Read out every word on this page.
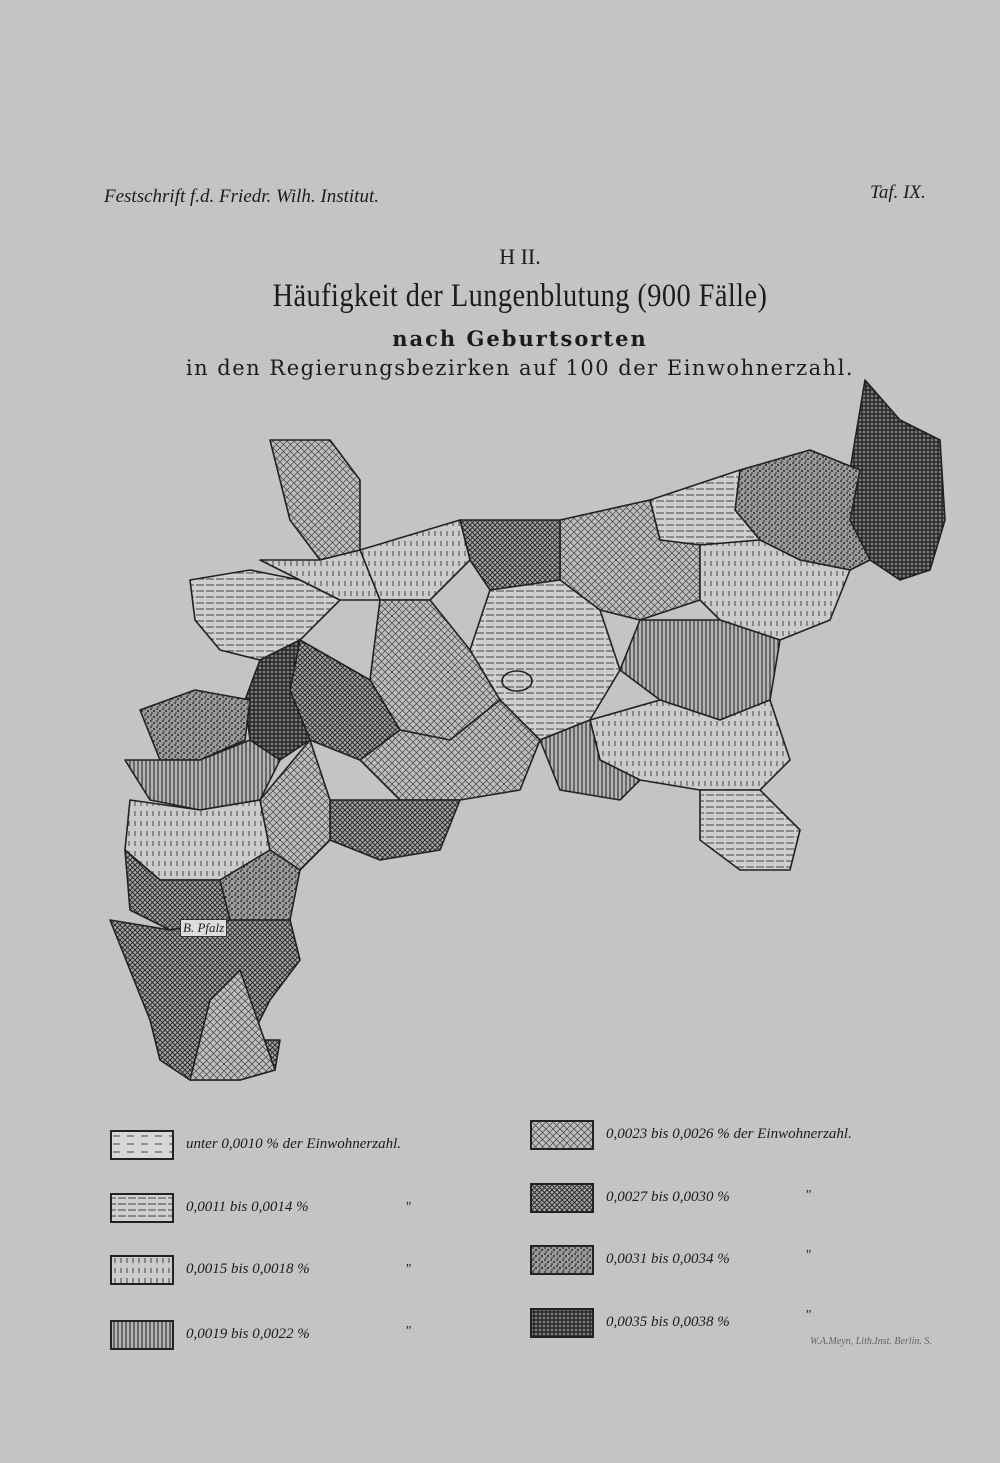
Festschrift f.d. Friedr. Wilh. Institut.	Taf. IX.
H II.
Häufigkeit der Lungenblutung (900 Fälle)
nach Geburtsorten
in den Regierungsbezirken auf 100 der Einwohnerzahl.
B. Pfalz
unter 0,0010 % der Einwohnerzahl.
0,0011 bis 0,0014 %	"
0,0015 bis 0,0018 %	"
0,0019 bis 0,0022 %	"
0,0023 bis 0,0026 % der Einwohnerzahl.
0,0027 bis 0,0030 %	"
0,0031 bis 0,0034 %	"
0,0035 bis 0,0038 %	"
W.A.Meyn, Lith.Inst. Berlin. S.
